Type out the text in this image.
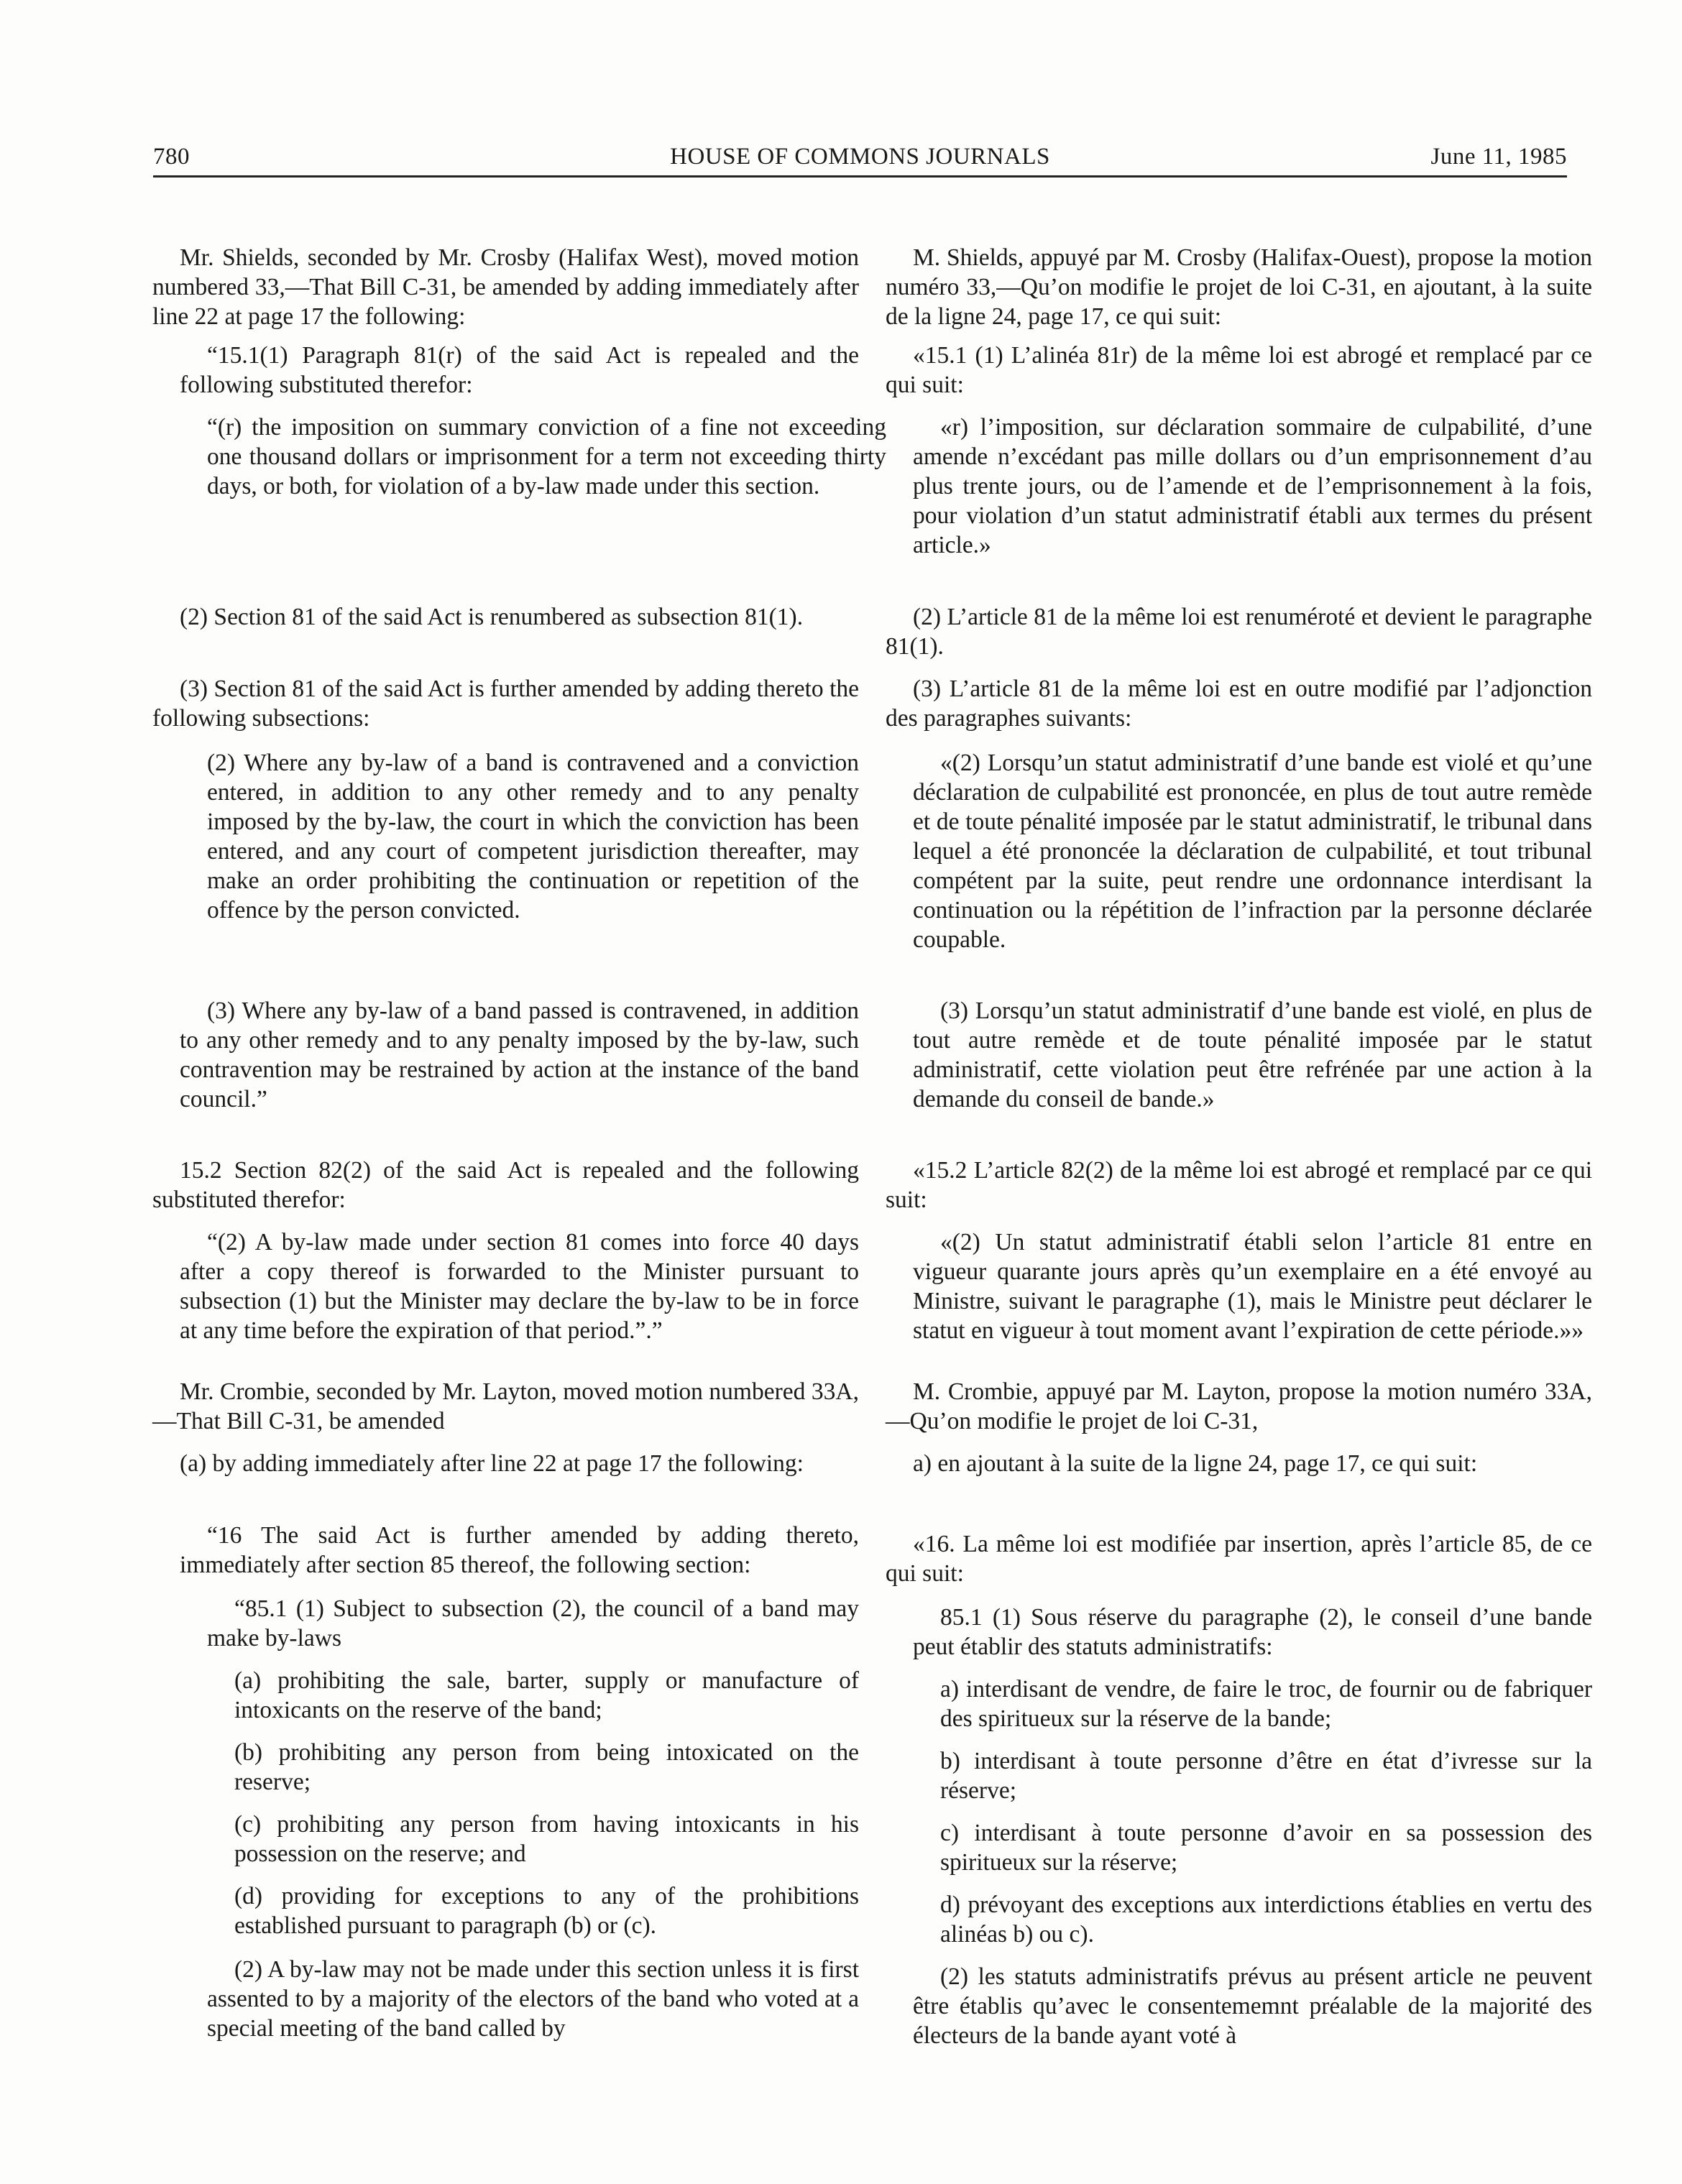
780	HOUSE OF COMMONS JOURNALS	June 11, 1985

Mr. Shields, seconded by Mr. Crosby (Halifax West), moved motion numbered 33,—That Bill C-31, be amended by adding immediately after line 22 at page 17 the following:

“15.1(1) Paragraph 81(r) of the said Act is repealed and the following substituted therefor:

“(r) the imposition on summary conviction of a fine not exceeding one thousand dollars or imprisonment for a term not exceeding thirty days, or both, for violation of a by-law made under this section.

(2) Section 81 of the said Act is renumbered as subsection 81(1).

(3) Section 81 of the said Act is further amended by adding thereto the following subsections:

(2) Where any by-law of a band is contravened and a conviction entered, in addition to any other remedy and to any penalty imposed by the by-law, the court in which the conviction has been entered, and any court of competent jurisdiction thereafter, may make an order prohibiting the continuation or repetition of the offence by the person convicted.

(3) Where any by-law of a band passed is contravened, in addition to any other remedy and to any penalty imposed by the by-law, such contravention may be restrained by action at the instance of the band council.”

15.2 Section 82(2) of the said Act is repealed and the following substituted therefor:

“(2) A by-law made under section 81 comes into force 40 days after a copy thereof is forwarded to the Minister pursuant to subsection (1) but the Minister may declare the by-law to be in force at any time before the expiration of that period.”.”

Mr. Crombie, seconded by Mr. Layton, moved motion numbered 33A,—That Bill C-31, be amended

(a) by adding immediately after line 22 at page 17 the following:

“16 The said Act is further amended by adding thereto, immediately after section 85 thereof, the following section:

“85.1 (1) Subject to subsection (2), the council of a band may make by-laws

(a) prohibiting the sale, barter, supply or manufacture of intoxicants on the reserve of the band;

(b) prohibiting any person from being intoxicated on the reserve;

(c) prohibiting any person from having intoxicants in his possession on the reserve; and

(d) providing for exceptions to any of the prohibitions established pursuant to paragraph (b) or (c).

(2) A by-law may not be made under this section unless it is first assented to by a majority of the electors of the band who voted at a special meeting of the band called by

M. Shields, appuyé par M. Crosby (Halifax-Ouest), propose la motion numéro 33,—Qu’on modifie le projet de loi C-31, en ajoutant, à la suite de la ligne 24, page 17, ce qui suit:

«15.1 (1) L’alinéa 81r) de la même loi est abrogé et remplacé par ce qui suit:

«r) l’imposition, sur déclaration sommaire de culpabilité, d’une amende n’excédant pas mille dollars ou d’un emprisonnement d’au plus trente jours, ou de l’amende et de l’emprisonnement à la fois, pour violation d’un statut administratif établi aux termes du présent article.»

(2) L’article 81 de la même loi est renuméroté et devient le paragraphe 81(1).

(3) L’article 81 de la même loi est en outre modifié par l’adjonction des paragraphes suivants:

«(2) Lorsqu’un statut administratif d’une bande est violé et qu’une déclaration de culpabilité est prononcée, en plus de tout autre remède et de toute pénalité imposée par le statut administratif, le tribunal dans lequel a été prononcée la déclaration de culpabilité, et tout tribunal compétent par la suite, peut rendre une ordonnance interdisant la continuation ou la répétition de l’infraction par la personne déclarée coupable.

(3) Lorsqu’un statut administratif d’une bande est violé, en plus de tout autre remède et de toute pénalité imposée par le statut administratif, cette violation peut être refrénée par une action à la demande du conseil de bande.»

«15.2 L’article 82(2) de la même loi est abrogé et remplacé par ce qui suit:

«(2) Un statut administratif établi selon l’article 81 entre en vigueur quarante jours après qu’un exemplaire en a été envoyé au Ministre, suivant le paragraphe (1), mais le Ministre peut déclarer le statut en vigueur à tout moment avant l’expiration de cette période.»»

M. Crombie, appuyé par M. Layton, propose la motion numéro 33A,—Qu’on modifie le projet de loi C-31,

a) en ajoutant à la suite de la ligne 24, page 17, ce qui suit:

«16. La même loi est modifiée par insertion, après l’article 85, de ce qui suit:

85.1 (1) Sous réserve du paragraphe (2), le conseil d’une bande peut établir des statuts administratifs:

a) interdisant de vendre, de faire le troc, de fournir ou de fabriquer des spiritueux sur la réserve de la bande;

b) interdisant à toute personne d’être en état d’ivresse sur la réserve;

c) interdisant à toute personne d’avoir en sa possession des spiritueux sur la réserve;

d) prévoyant des exceptions aux interdictions établies en vertu des alinéas b) ou c).

(2) les statuts administratifs prévus au présent article ne peuvent être établis qu’avec le consentememnt préalable de la majorité des électeurs de la bande ayant voté à
